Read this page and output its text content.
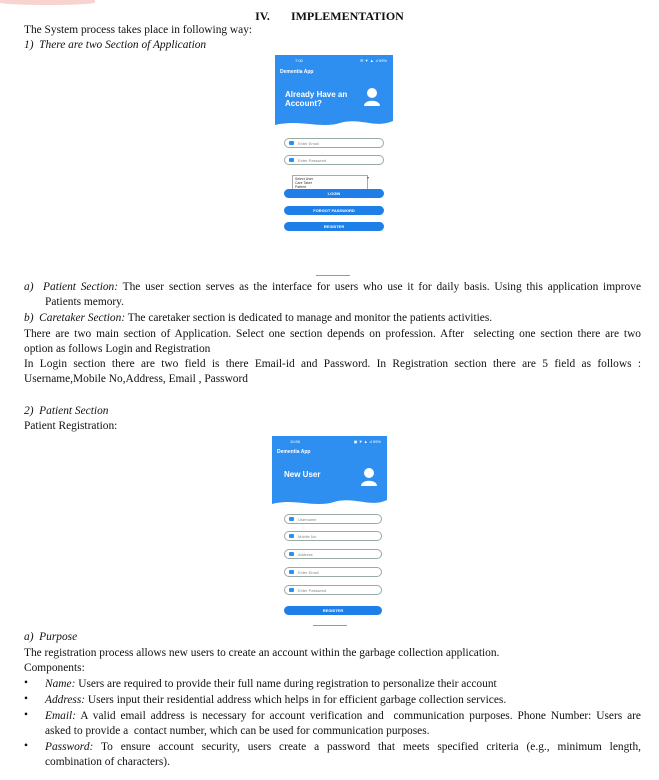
IV. IMPLEMENTATION
The System process takes place in following way:
1)  There are two Section of Application
7:00	✉ ▼ ▲ .ıl 59%
Dementia App
Already Have an
Account?
Enter Email
Enter Password
Select User
Care Taker
Patient
▾
LOGIN
FORGOT PASSWORD
REGISTER
a)  Patient Section: The user section serves as the interface for users who use it for daily basis. Using this application improve
Patients memory.
b)  Caretaker Section: The caretaker section is dedicated to manage and monitor the patients activities.
There are two main section of Application. Select one section depends on profession. After  selecting one section there are two
option as follows Login and Registration
In Login section there are two field is there Email-id and Password. In Registration section there are 5 field as follows :
Username,Mobile No,Address, Email , Password
2)  Patient Section
Patient Registration:
10:56	▣ ▼ ▲ .ıl 59%
Dementia App
New User
Username
Mobile No.
Address
Enter Email
Enter Password
REGISTER
a)  Purpose
The registration process allows new users to create an account within the garbage collection application.
Components:
•	Name: Users are required to provide their full name during registration to personalize their account
•	Address: Users input their residential address which helps in for efficient garbage collection services.
•	Email: A valid email address is necessary for account verification and  communication purposes. Phone Number: Users are
asked to provide a  contact number, which can be used for communication purposes.
•	Password: To ensure account security, users create a password that meets specified criteria (e.g., minimum length,
combination of characters).
